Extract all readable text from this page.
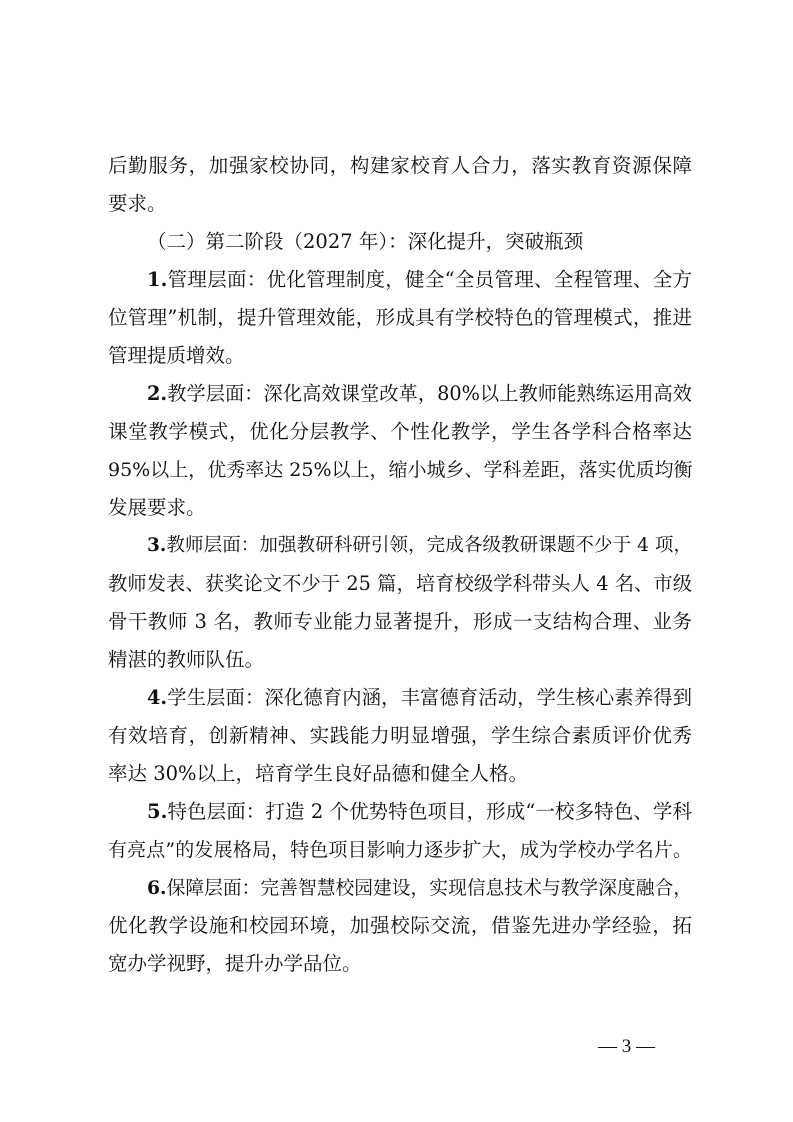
后勤服务，加强家校协同，构建家校育人合力，落实教育资源保障
要求。
（二）第二阶段（2027 年）：深化提升，突破瓶颈
1.管理层面：优化管理制度，健全“全员管理、全程管理、全方
位管理”机制，提升管理效能，形成具有学校特色的管理模式，推进
管理提质增效。
2.教学层面：深化高效课堂改革，80%以上教师能熟练运用高效
课堂教学模式，优化分层教学、个性化教学，学生各学科合格率达
95%以上，优秀率达 25%以上，缩小城乡、学科差距，落实优质均衡
发展要求。
3.教师层面：加强教研科研引领，完成各级教研课题不少于 4 项，
教师发表、获奖论文不少于 25 篇，培育校级学科带头人 4 名、市级
骨干教师 3 名，教师专业能力显著提升，形成一支结构合理、业务
精湛的教师队伍。
4.学生层面：深化德育内涵，丰富德育活动，学生核心素养得到
有效培育，创新精神、实践能力明显增强，学生综合素质评价优秀
率达 30%以上，培育学生良好品德和健全人格。
5.特色层面：打造 2 个优势特色项目，形成“一校多特色、学科
有亮点”的发展格局，特色项目影响力逐步扩大，成为学校办学名片。
6.保障层面：完善智慧校园建设，实现信息技术与教学深度融合，
优化教学设施和校园环境，加强校际交流，借鉴先进办学经验，拓
宽办学视野，提升办学品位。
— 3 —
